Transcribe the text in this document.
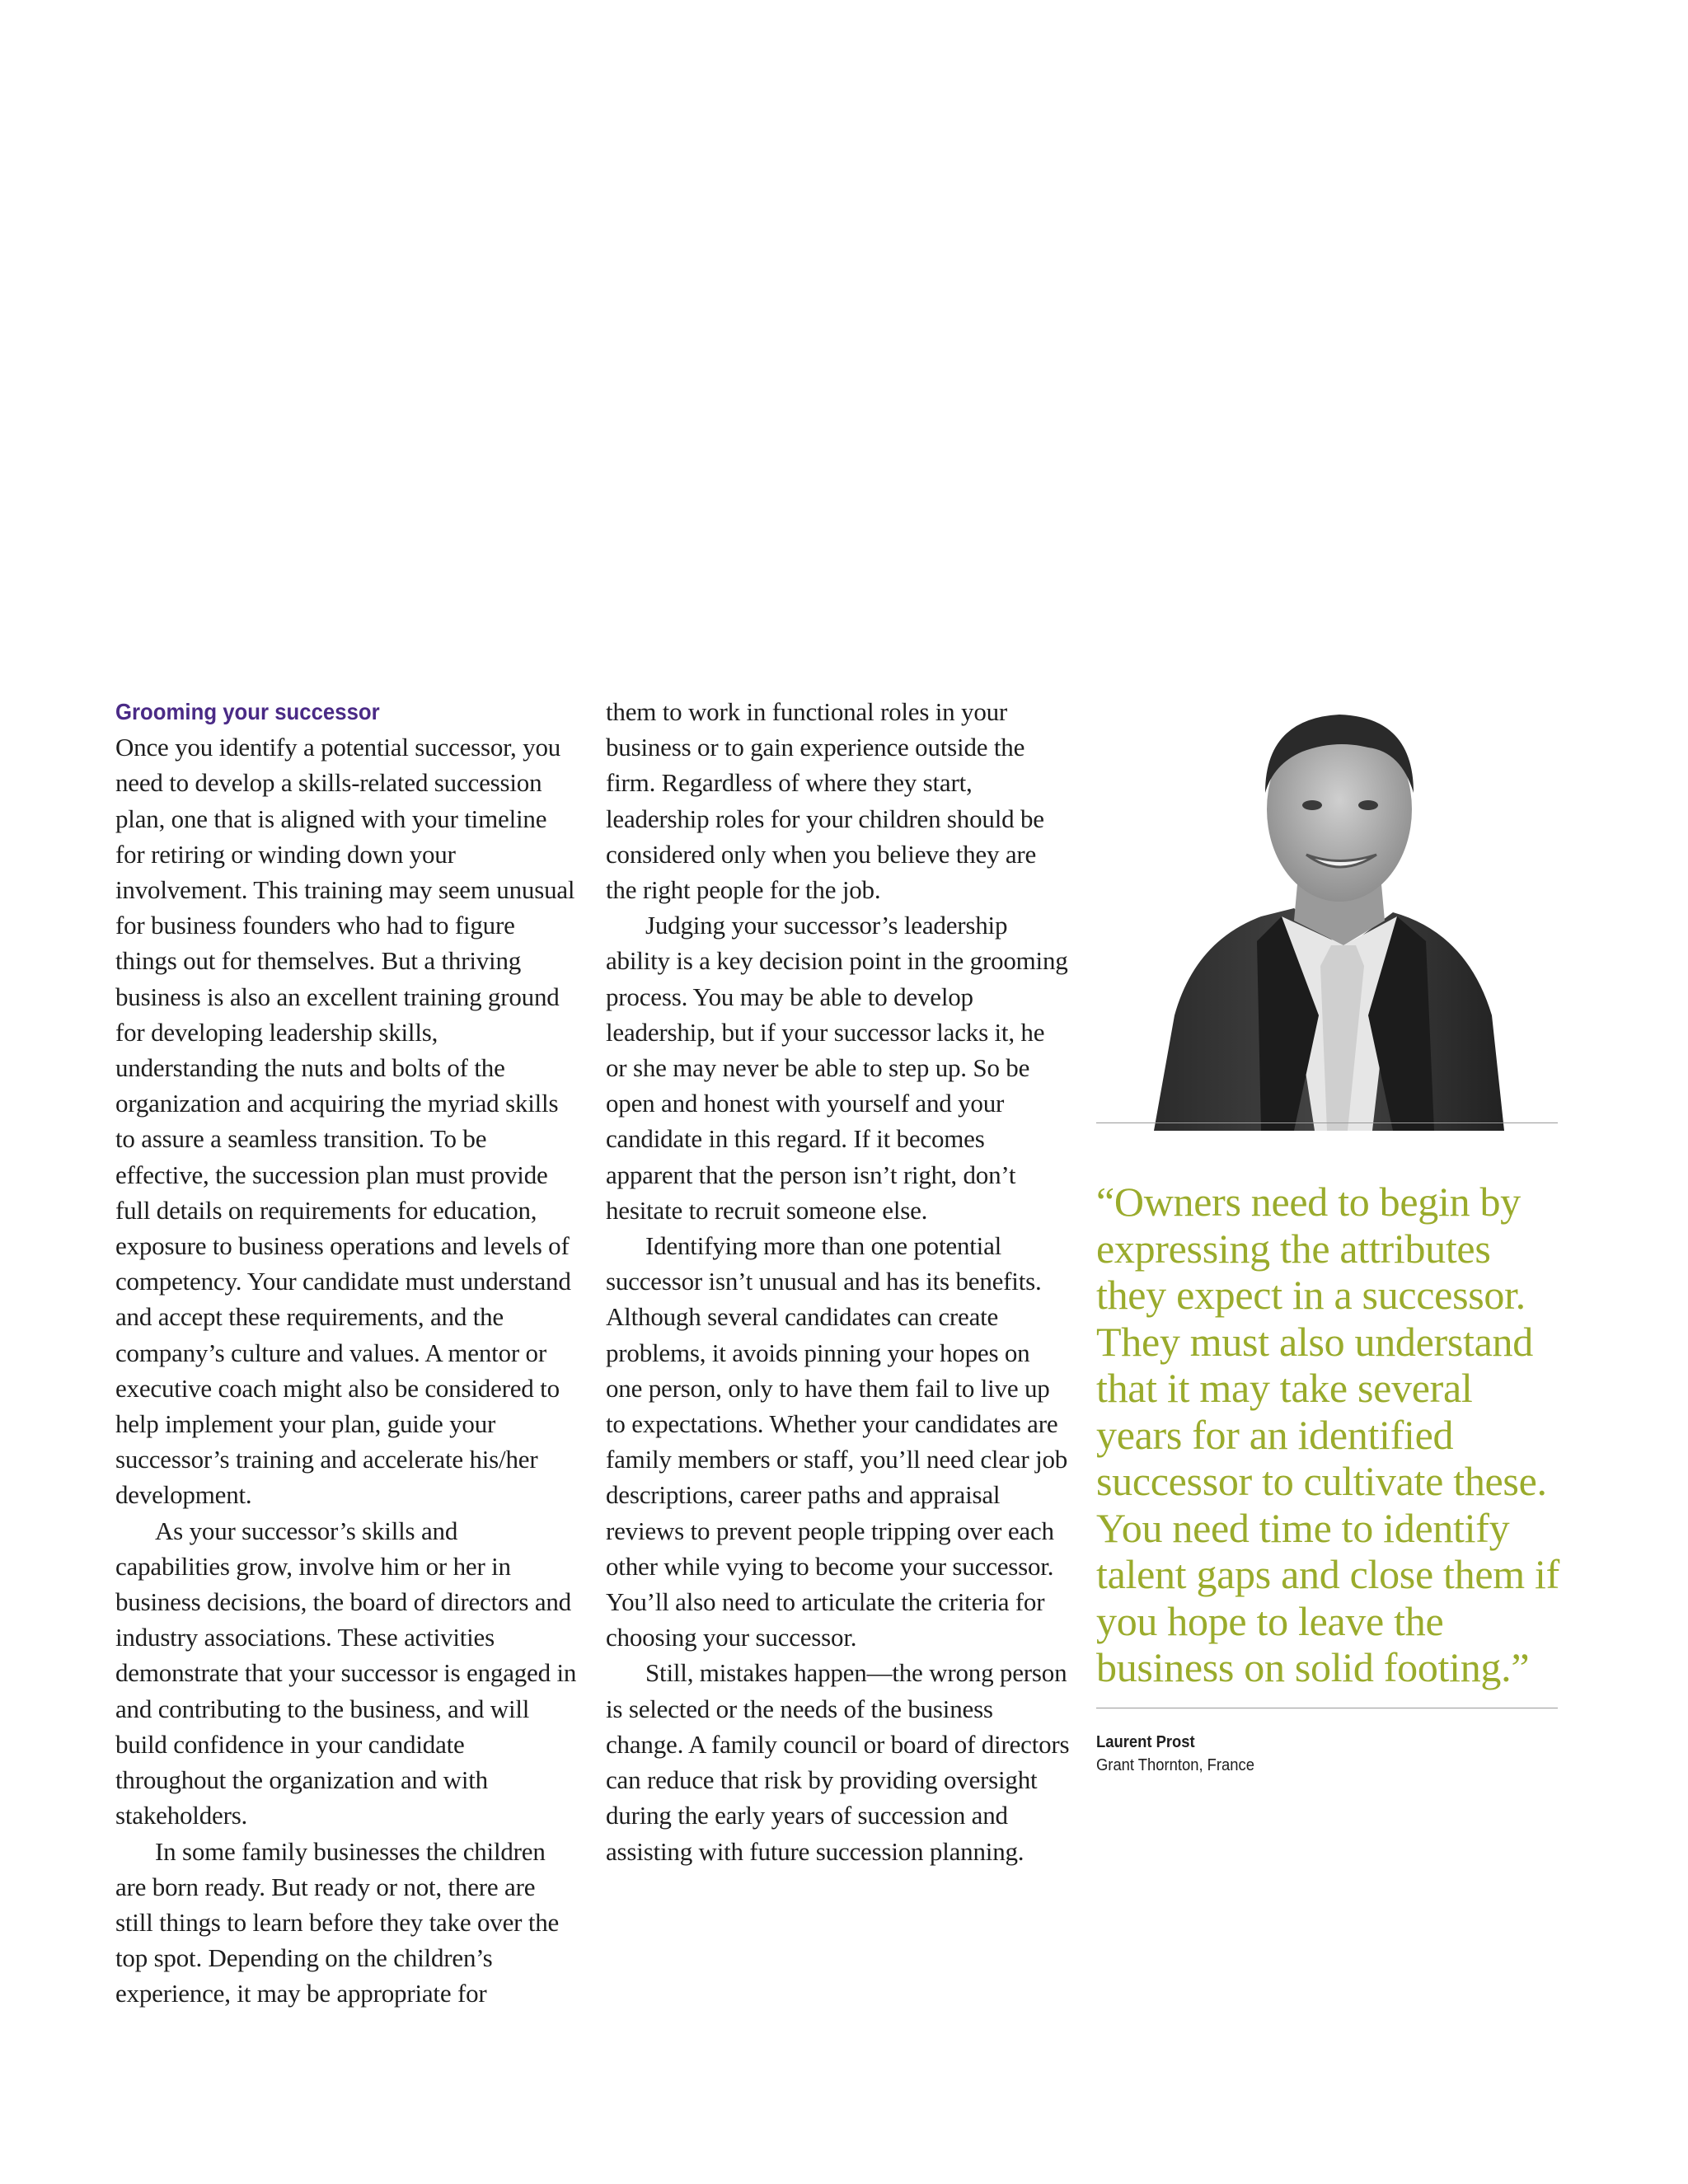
Grooming your successor

Once you identify a potential successor, you need to develop a skills-related succession plan, one that is aligned with your timeline for retiring or winding down your involvement. This training may seem unusual for business founders who had to figure things out for themselves. But a thriving business is also an excellent training ground for developing leadership skills, understanding the nuts and bolts of the organization and acquiring the myriad skills to assure a seamless transition. To be effective, the succession plan must provide full details on requirements for education, exposure to business operations and levels of competency. Your candidate must understand and accept these requirements, and the company’s culture and values. A mentor or executive coach might also be considered to help implement your plan, guide your successor’s training and accelerate his/her development.

As your successor’s skills and capabilities grow, involve him or her in business decisions, the board of directors and industry associations. These activities demonstrate that your successor is engaged in and contributing to the business, and will build confidence in your candidate throughout the organization and with stakeholders.

In some family businesses the children are born ready. But ready or not, there are still things to learn before they take over the top spot. Depending on the children’s experience, it may be appropriate for

them to work in functional roles in your business or to gain experience outside the firm. Regardless of where they start, leadership roles for your children should be considered only when you believe they are the right people for the job.

Judging your successor’s leadership ability is a key decision point in the grooming process. You may be able to develop leadership, but if your successor lacks it, he or she may never be able to step up. So be open and honest with yourself and your candidate in this regard. If it becomes apparent that the person isn’t right, don’t hesitate to recruit someone else.

Identifying more than one potential successor isn’t unusual and has its benefits. Although several candidates can create problems, it avoids pinning your hopes on one person, only to have them fail to live up to expectations. Whether your candidates are family members or staff, you’ll need clear job descriptions, career paths and appraisal reviews to prevent people tripping over each other while vying to become your successor. You’ll also need to articulate the criteria for choosing your successor.

Still, mistakes happen—the wrong person is selected or the needs of the business change. A family council or board of directors can reduce that risk by providing oversight during the early years of succession and assisting with future succession planning.

“Owners need to begin by expressing the attributes they expect in a successor. They must also understand that it may take several years for an identified successor to cultivate these. You need time to identify talent gaps and close them if you hope to leave the business on solid footing.”

Laurent Prost
Grant Thornton, France
